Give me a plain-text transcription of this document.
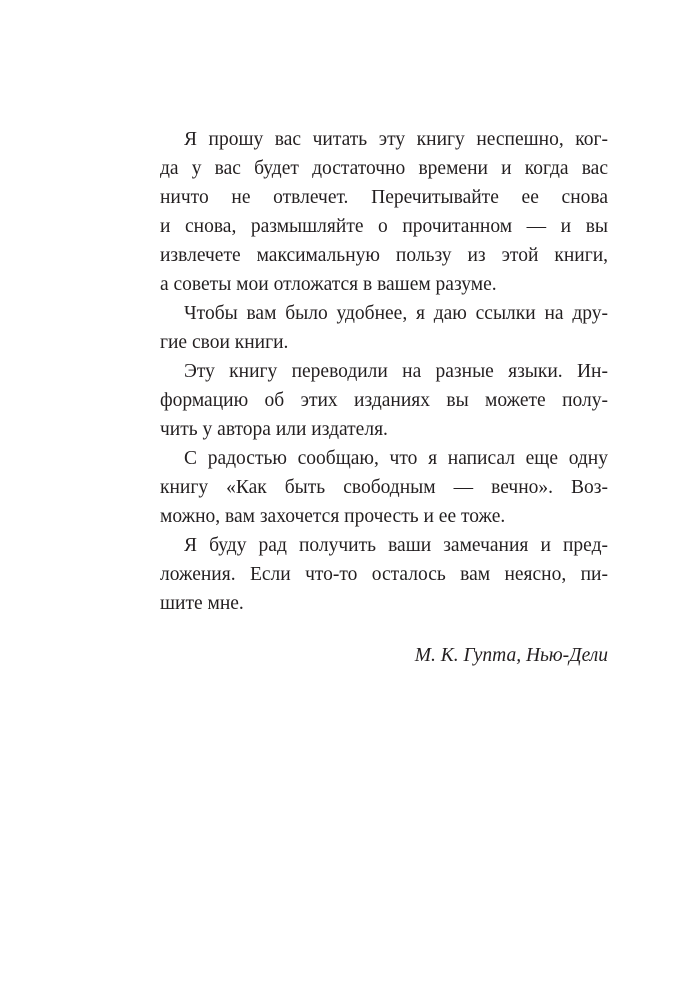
Я прошу вас читать эту книгу неспешно, ког-
да у вас будет достаточно времени и когда вас
ничто не отвлечет. Перечитывайте ее снова
и снова, размышляйте о прочитанном — и вы
извлечете максимальную пользу из этой книги,
а советы мои отложатся в вашем разуме.

Чтобы вам было удобнее, я даю ссылки на дру-
гие свои книги.

Эту книгу переводили на разные языки. Ин-
формацию об этих изданиях вы можете полу-
чить у автора или издателя.

С радостью сообщаю, что я написал еще одну
книгу «Как быть свободным — вечно». Воз-
можно, вам захочется прочесть и ее тоже.

Я буду рад получить ваши замечания и пред-
ложения. Если что-то осталось вам неясно, пи-
шите мне.

М. К. Гупта, Нью-Дели
